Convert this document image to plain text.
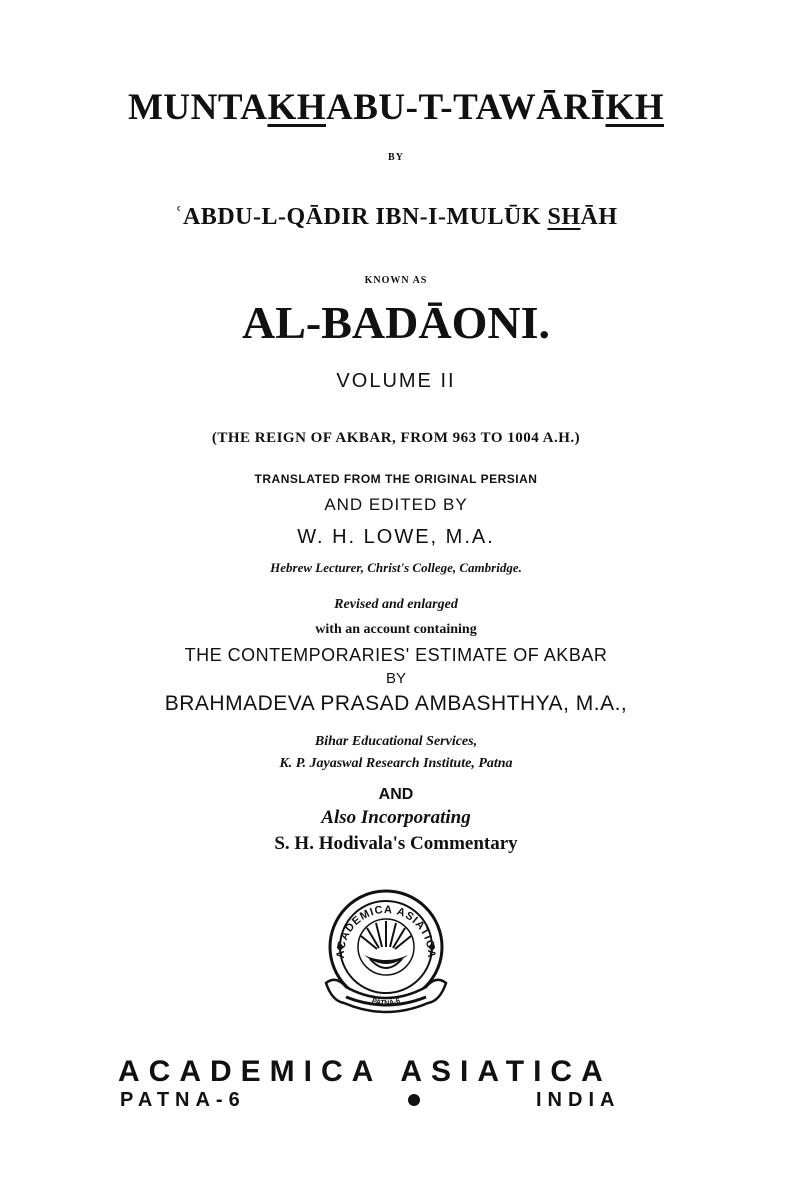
MUNTAKHABU-T-TAWĀRĪKH
BY
ʿABDU-L-QĀDIR IBN-I-MULŪK SHĀH
KNOWN AS
AL-BADĀONI.
VOLUME II
(THE REIGN OF AKBAR, FROM 963 TO 1004 A.H.)
TRANSLATED FROM THE ORIGINAL PERSIAN
AND EDITED BY
W. H. LOWE, M.A.
Hebrew Lecturer, Christ's College, Cambridge.
Revised and enlarged
with an account containing
THE CONTEMPORARIES' ESTIMATE OF AKBAR
BY
BRAHMADEVA PRASAD AMBASHTHYA, M.A.,
Bihar Educational Services,
K. P. Jayaswal Research Institute, Patna
AND
Also Incorporating
S. H. Hodivala's Commentary
ACADEMICA ASIATICA
PATNA-6
ACADEMICA ASIATICA
PATNA-6	INDIA
